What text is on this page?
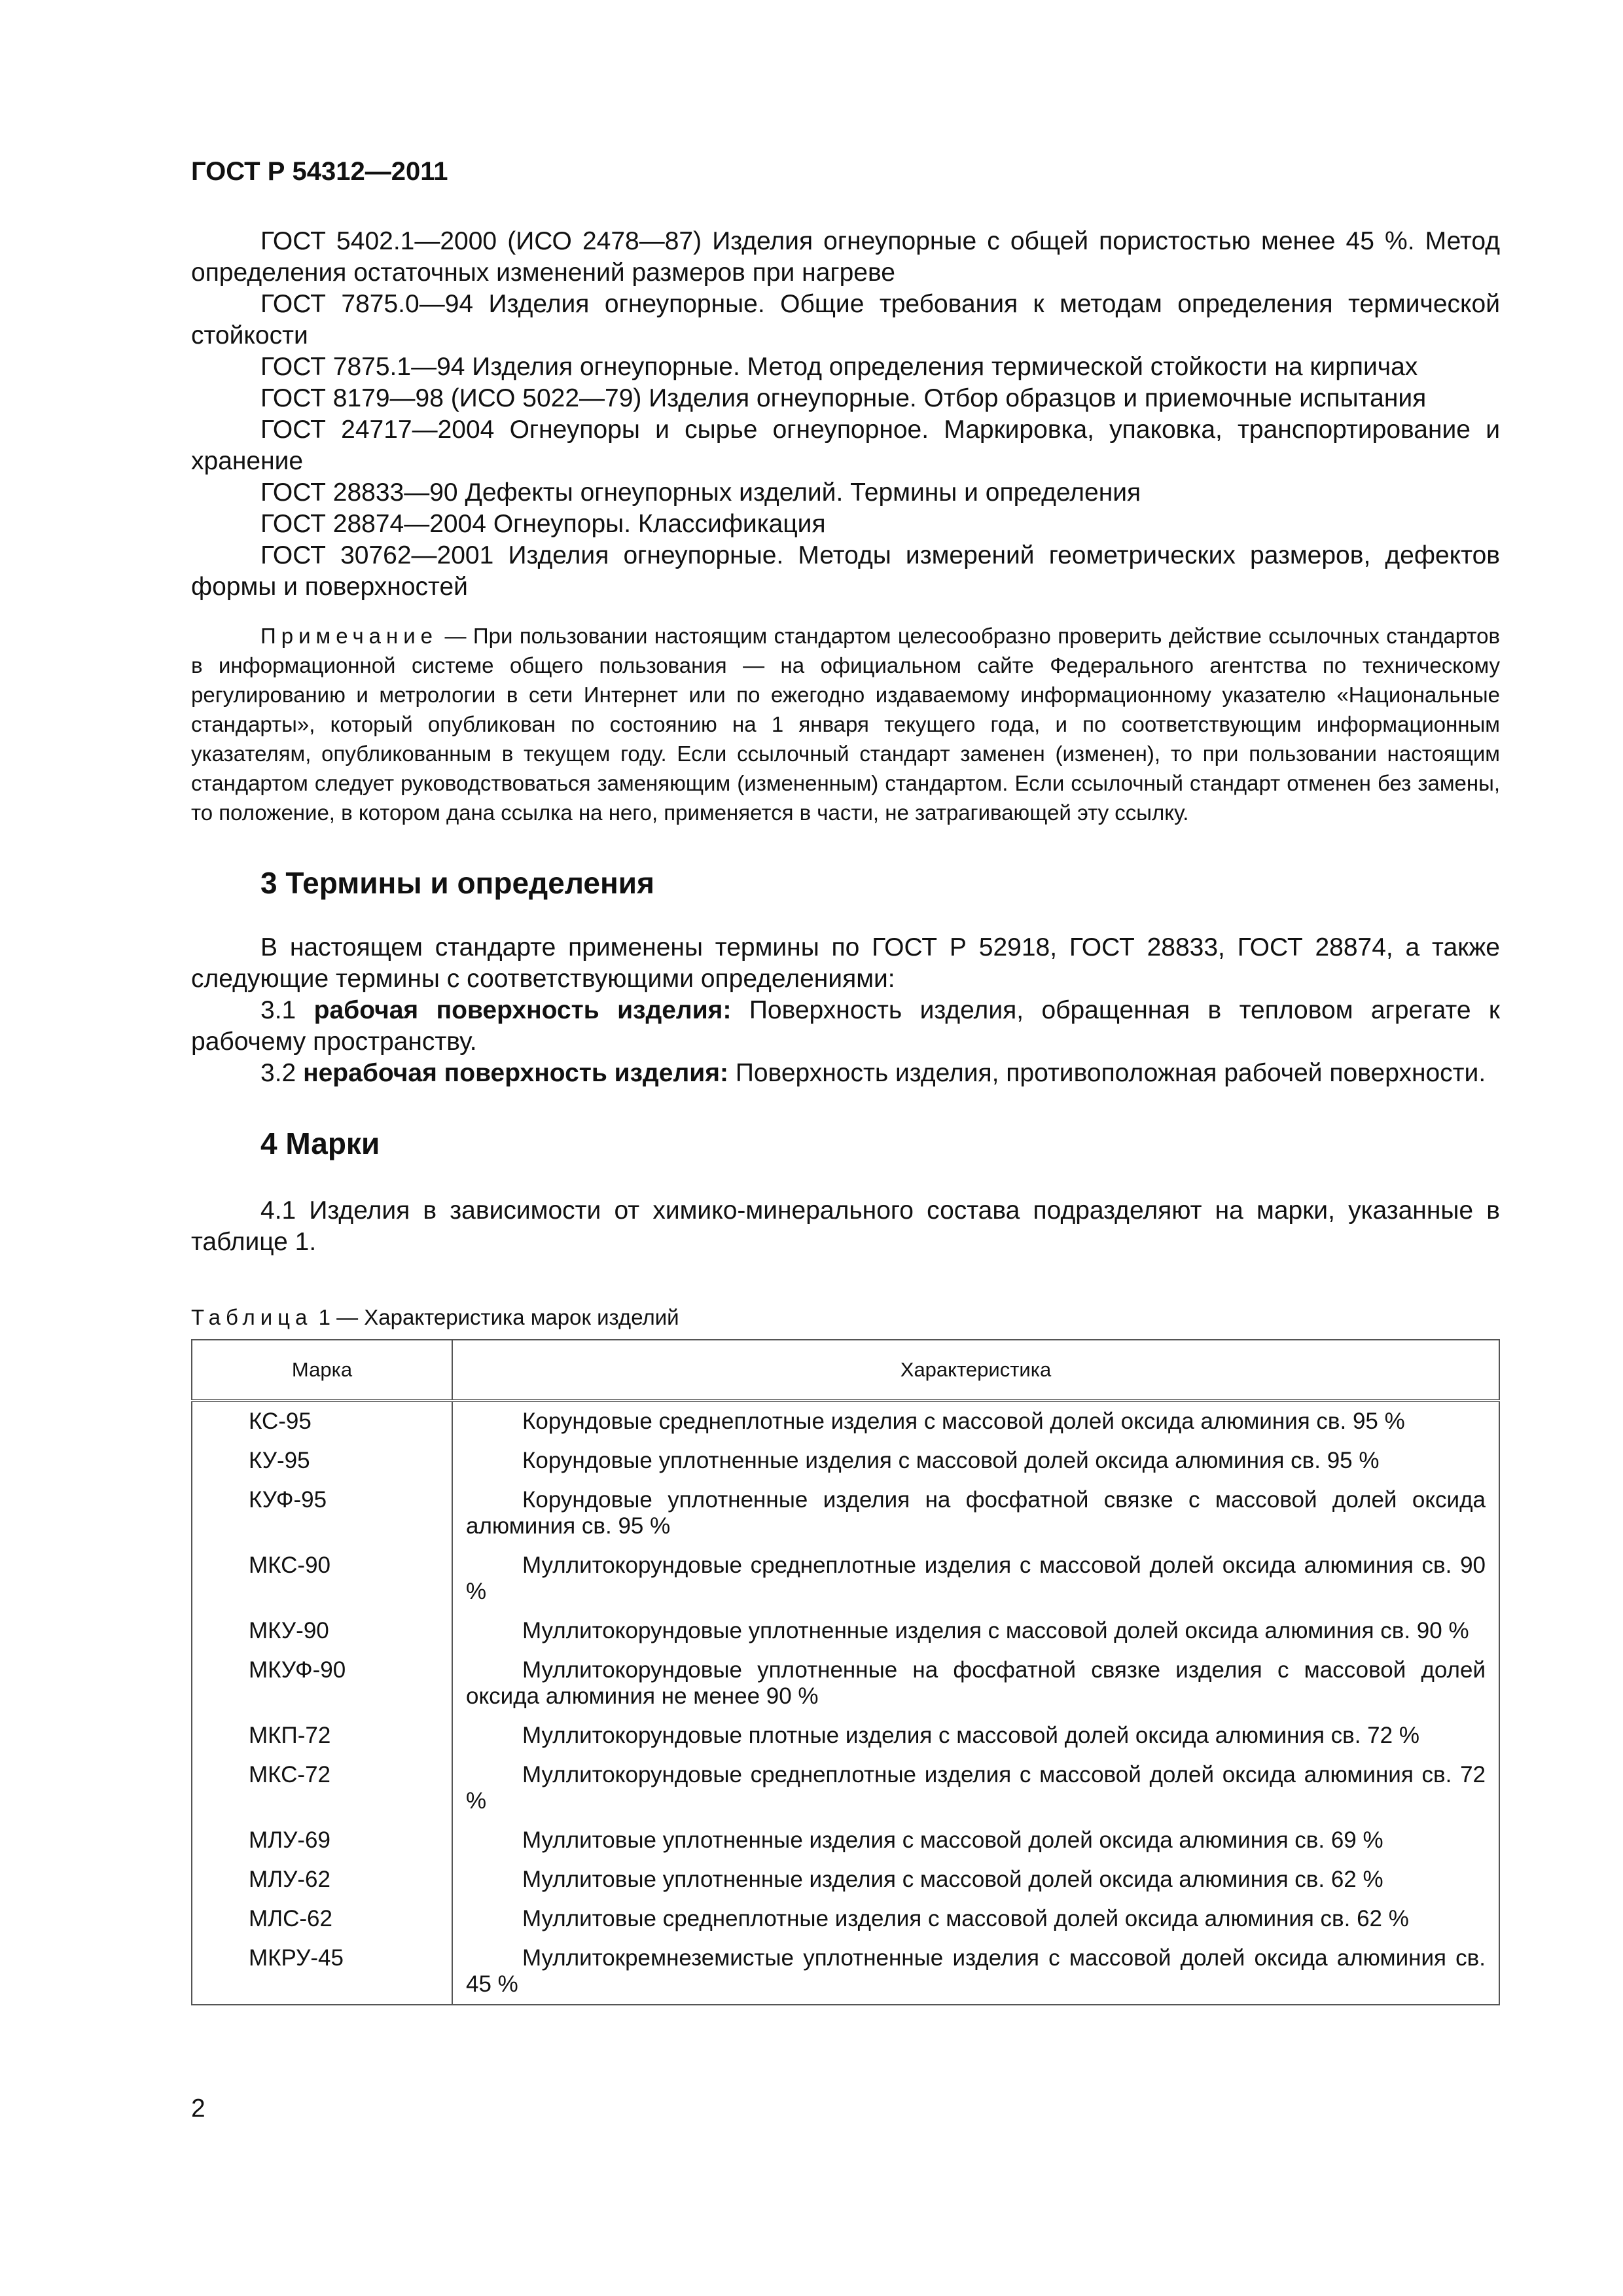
ГОСТ Р 54312—2011

ГОСТ 5402.1—2000 (ИСО 2478—87) Изделия огнеупорные с общей пористостью менее 45 %. Метод определения остаточных изменений размеров при нагреве

ГОСТ 7875.0—94 Изделия огнеупорные. Общие требования к методам определения термической стойкости

ГОСТ 7875.1—94 Изделия огнеупорные. Метод определения термической стойкости на кирпичах

ГОСТ 8179—98 (ИСО 5022—79) Изделия огнеупорные. Отбор образцов и приемочные испытания

ГОСТ 24717—2004 Огнеупоры и сырье огнеупорное. Маркировка, упаковка, транспортирование и хранение

ГОСТ 28833—90 Дефекты огнеупорных изделий. Термины и определения

ГОСТ 28874—2004 Огнеупоры. Классификация

ГОСТ 30762—2001 Изделия огнеупорные. Методы измерений геометрических размеров, дефектов формы и поверхностей

Примечание — При пользовании настоящим стандартом целесообразно проверить действие ссылочных стандартов в информационной системе общего пользования — на официальном сайте Федерального агентства по техническому регулированию и метрологии в сети Интернет или по ежегодно издаваемому информационному указателю «Национальные стандарты», который опубликован по состоянию на 1 января текущего года, и по соответствующим информационным указателям, опубликованным в текущем году. Если ссылочный стандарт заменен (изменен), то при пользовании настоящим стандартом следует руководствоваться заменяющим (измененным) стандартом. Если ссылочный стандарт отменен без замены, то положение, в котором дана ссылка на него, применяется в части, не затрагивающей эту ссылку.

3 Термины и определения

В настоящем стандарте применены термины по ГОСТ Р 52918, ГОСТ 28833, ГОСТ 28874, а также следующие термины с соответствующими определениями:

3.1 рабочая поверхность изделия: Поверхность изделия, обращенная в тепловом агрегате к рабочему пространству.

3.2 нерабочая поверхность изделия: Поверхность изделия, противоположная рабочей поверхности.

4 Марки

4.1 Изделия в зависимости от химико-минерального состава подразделяют на марки, указанные в таблице 1.

Таблица 1 — Характеристика марок изделий
Марка	Характеристика
КС-95	Корундовые среднеплотные изделия с массовой долей оксида алюминия св. 95 %
КУ-95	Корундовые уплотненные изделия с массовой долей оксида алюминия св. 95 %
КУФ-95	Корундовые уплотненные изделия на фосфатной связке с массовой долей оксида алюминия св. 95 %
МКС-90	Муллитокорундовые среднеплотные изделия с массовой долей оксида алюминия св. 90 %
МКУ-90	Муллитокорундовые уплотненные изделия с массовой долей оксида алюминия св. 90 %
МКУФ-90	Муллитокорундовые уплотненные на фосфатной связке изделия с массовой долей оксида алюминия не менее 90 %
МКП-72	Муллитокорундовые плотные изделия с массовой долей оксида алюминия св. 72 %
МКС-72	Муллитокорундовые среднеплотные изделия с массовой долей оксида алюминия св. 72 %
МЛУ-69	Муллитовые уплотненные изделия с массовой долей оксида алюминия св. 69 %
МЛУ-62	Муллитовые уплотненные изделия с массовой долей оксида алюминия св. 62 %
МЛС-62	Муллитовые среднеплотные изделия с массовой долей оксида алюминия св. 62 %
МКРУ-45	Муллитокремнеземистые уплотненные изделия с массовой долей оксида алюминия св. 45 %
2
